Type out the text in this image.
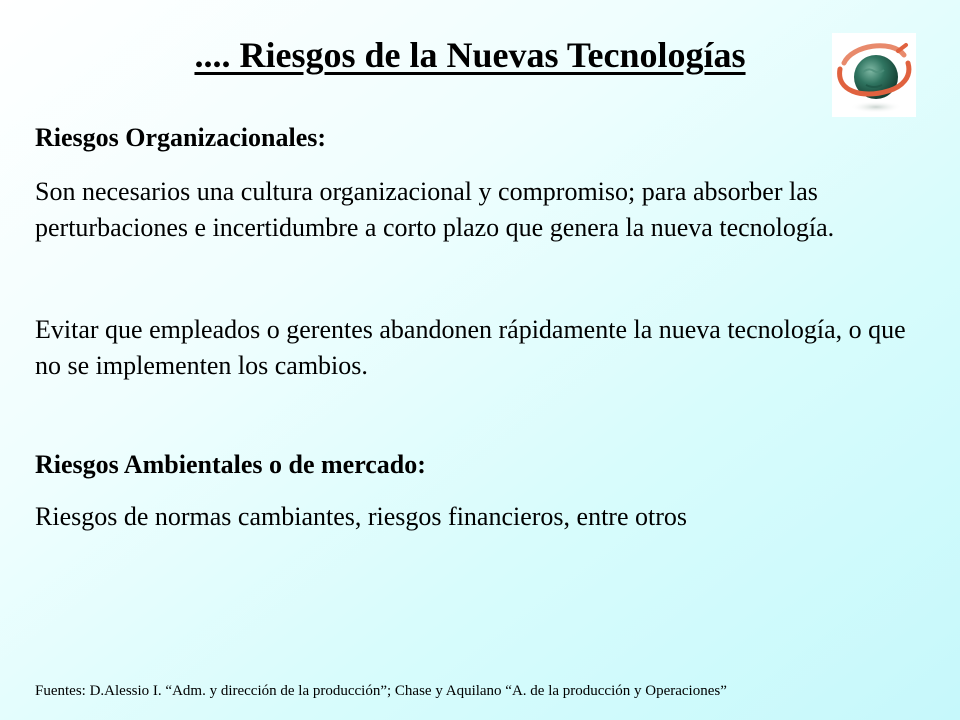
.... Riesgos de la Nuevas Tecnologías
Riesgos Organizacionales:

Son necesarios una cultura organizacional y compromiso; para absorber las perturbaciones e incertidumbre a corto plazo que genera la nueva tecnología.

Evitar que empleados o gerentes abandonen rápidamente la nueva tecnología, o que no se implementen los cambios.

Riesgos Ambientales o de mercado:

Riesgos de normas cambiantes, riesgos financieros, entre otros

Fuentes: D.Alessio I. “Adm. y dirección de la producción”; Chase y Aquilano “A. de la producción y Operaciones”
